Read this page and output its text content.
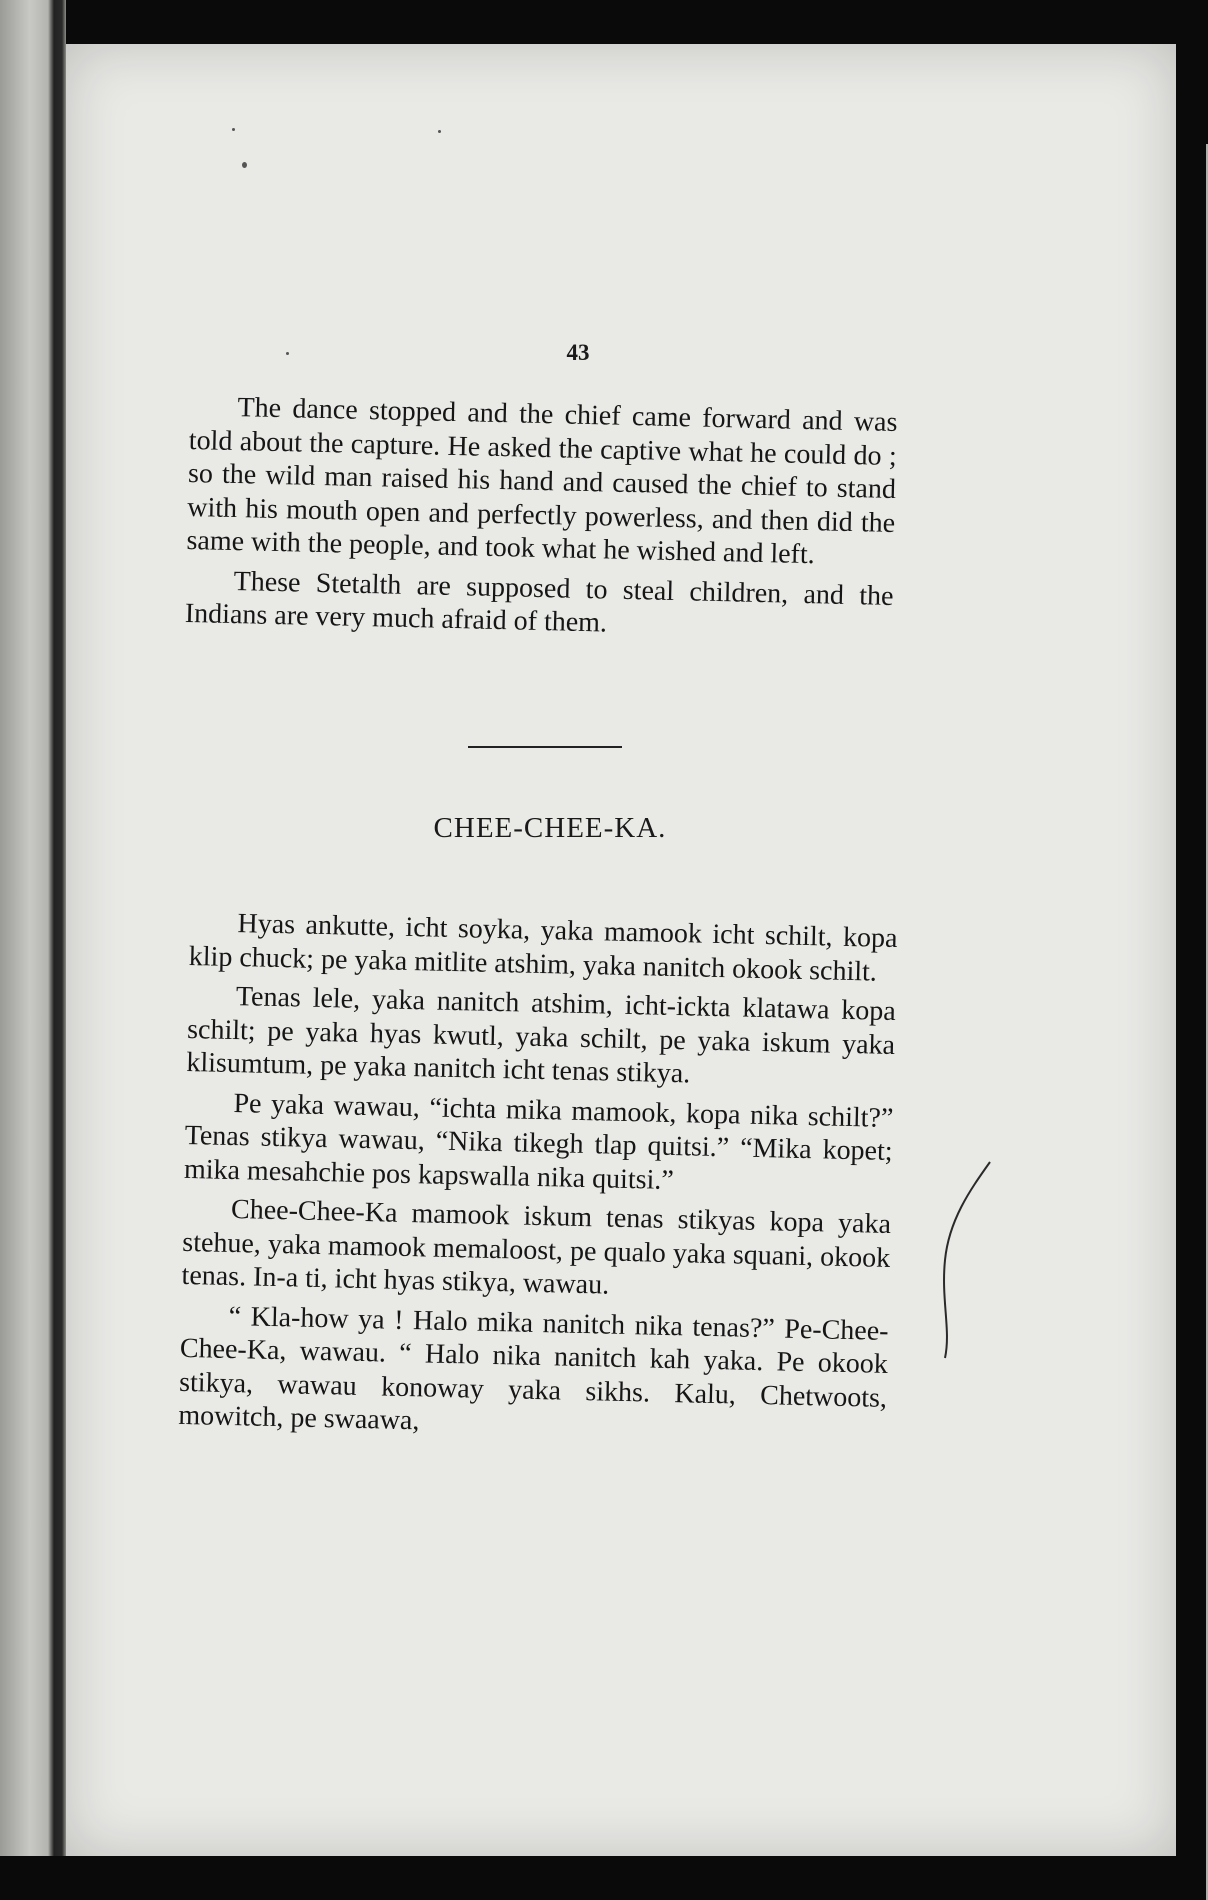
43

The dance stopped and the chief came forward and was told about the capture. He asked the captive what he could do ; so the wild man raised his hand and caused the chief to stand with his mouth open and perfectly powerless, and then did the same with the people, and took what he wished and left.

These Stetalth are supposed to steal children, and the Indians are very much afraid of them.

CHEE-CHEE-KA.

Hyas ankutte, icht soyka, yaka mamook icht schilt, kopa klip chuck; pe yaka mitlite atshim, yaka nanitch okook schilt.

Tenas lele, yaka nanitch atshim, icht-ickta klatawa kopa schilt; pe yaka hyas kwutl, yaka schilt, pe yaka iskum yaka klisumtum, pe yaka nanitch icht tenas stikya.

Pe yaka wawau, “ichta mika mamook, kopa nika schilt?” Tenas stikya wawau, “Nika tikegh tlap quitsi.” “Mika kopet; mika mesahchie pos kapswalla nika quitsi.”

Chee-Chee-Ka mamook iskum tenas stikyas kopa yaka stehue, yaka mamook memaloost, pe qualo yaka squani, okook tenas. In-a ti, icht hyas stikya, wawau.

“ Kla-how ya ! Halo mika nanitch nika tenas?” Pe-Chee-Chee-Ka, wawau. “ Halo nika nanitch kah yaka. Pe okook stikya, wawau konoway yaka sikhs. Kalu, Chetwoots, mowitch, pe swaawa,
